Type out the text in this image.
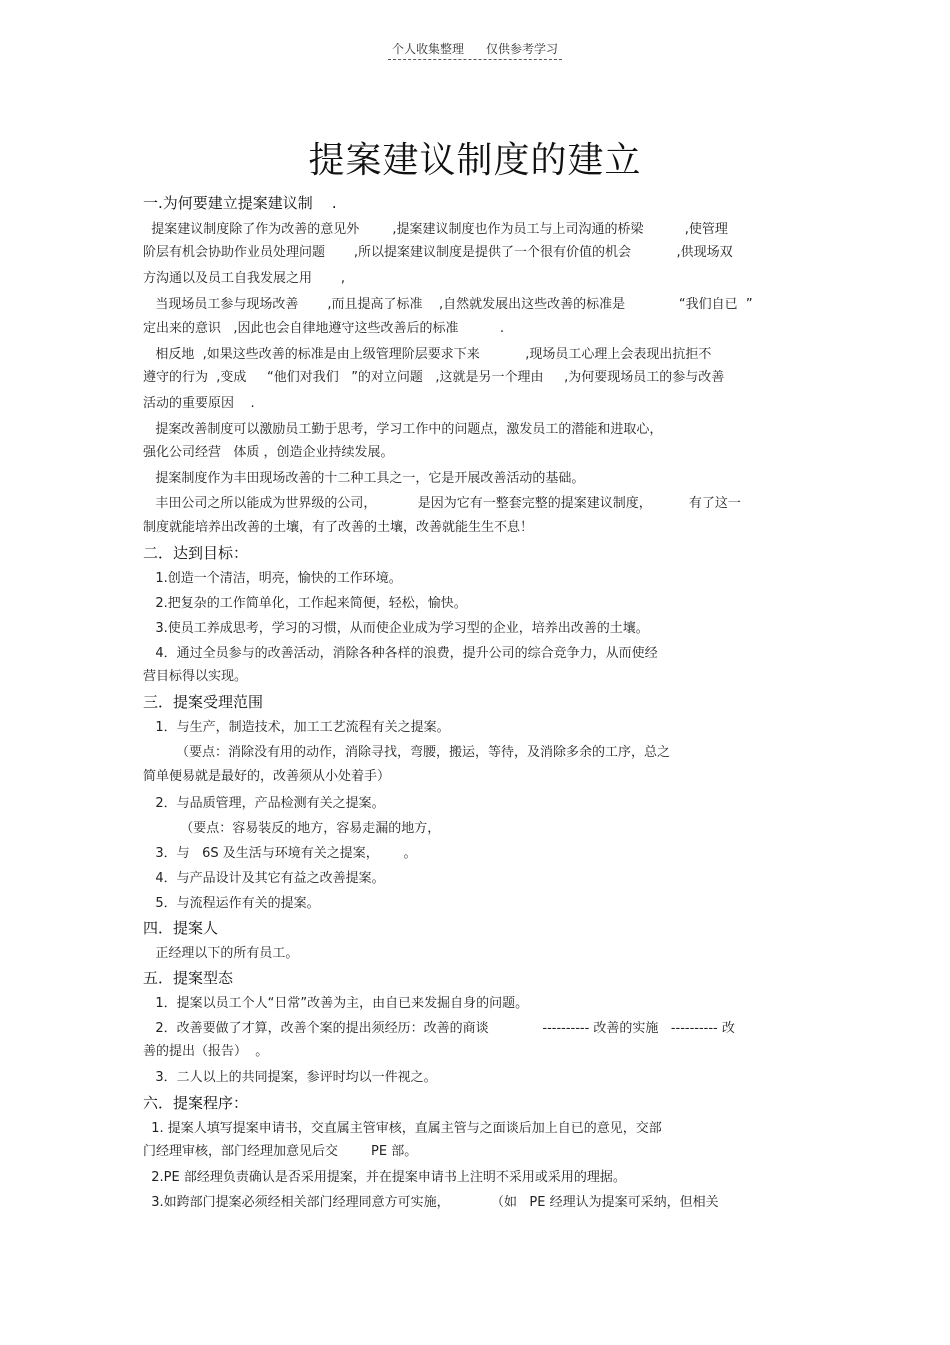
个人收集整理 仅供参考学习
提案建议制度的建立
一.为何要建立提案建议制    .
提案建议制度除了作为改善的意见外        ,提案建议制度也作为员工与上司沟通的桥梁          ,使管理
阶层有机会协助作业员处理问题       ,所以提案建议制度是提供了一个很有价值的机会           ,供现场双
方沟通以及员工自我发展之用       ,
当现场员工参与现场改善       ,而且提高了标准    ,自然就发展出这些改善的标准是             “我们自已  ”
定出来的意识   ,因此也会自律地遵守这些改善后的标准          .
相反地  ,如果这些改善的标准是由上级管理阶层要求下来           ,现场员工心理上会表现出抗拒不
遵守的行为  ,变成     “他们对我们   ”的对立问题   ,这就是另一个理由     ,为何要现场员工的参与改善
活动的重要原因    .
提案改善制度可以激励员工勤于思考，学习工作中的问题点，激发员工的潜能和进取心，
强化公司经营   体质 ，创造企业持续发展。
提案制度作为丰田现场改善的十二种工具之一，它是开展改善活动的基础。
丰田公司之所以能成为世界级的公司，          是因为它有一整套完整的提案建议制度，         有了这一
制度就能培养出改善的土壤，有了改善的土壤，改善就能生生不息！
二．达到目标：
1.创造一个清洁，明亮，愉快的工作环境。
2.把复杂的工作简单化，工作起来简便，轻松，愉快。
3.使员工养成思考，学习的习惯，从而使企业成为学习型的企业，培养出改善的土壤。
4．通过全员参与的改善活动，消除各种各样的浪费，提升公司的综合竞争力，从而使经
营目标得以实现。
三．提案受理范围
1．与生产，制造技术，加工工艺流程有关之提案。
（要点：消除没有用的动作，消除寻找，弯腰，搬运，等待，及消除多余的工序，总之
简单便易就是最好的，改善须从小处着手）
2．与品质管理，产品检测有关之提案。
（要点：容易装反的地方，容易走漏的地方，
3．与   6S 及生活与环境有关之提案，      。
4．与产品设计及其它有益之改善提案。
5．与流程运作有关的提案。
四．提案人
正经理以下的所有员工。
五．提案型态
1．提案以员工个人“日常”改善为主，由自已来发掘自身的问题。
2．改善要做了才算，改善个案的提出须经历：改善的商谈             ---------- 改善的实施   ---------- 改
善的提出（报告）  。
3．二人以上的共同提案，参评时均以一件视之。
六．提案程序：
1. 提案人填写提案申请书，交直属主管审核，直属主管与之面谈后加上自已的意见，交部
门经理审核，部门经理加意见后交        PE 部。
2.PE 部经理负责确认是否采用提案，并在提案申请书上注明不采用或采用的理据。
3.如跨部门提案必须经相关部门经理同意方可实施，          （如   PE 经理认为提案可采纳，但相关
